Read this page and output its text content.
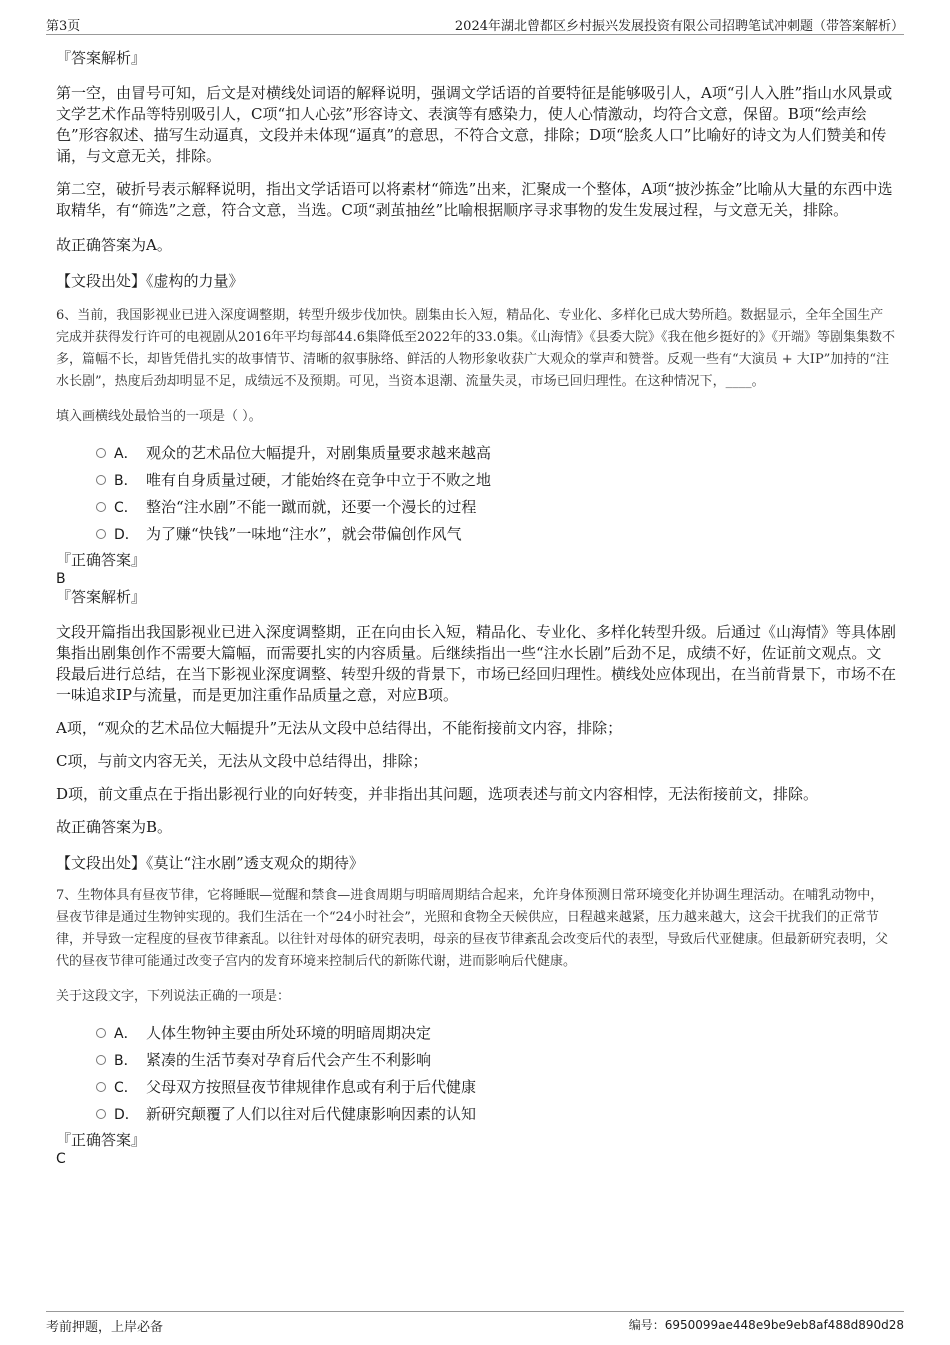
第3页	2024年湖北曾都区乡村振兴发展投资有限公司招聘笔试冲刺题（带答案解析）

『答案解析』

第一空，由冒号可知，后文是对横线处词语的解释说明，强调文学话语的首要特征是能够吸引人，A项“引人入胜”指山水风景或文学艺术作品等特别吸引人，C项“扣人心弦”形容诗文、表演等有感染力，使人心情激动，均符合文意，保留。B项“绘声绘色”形容叙述、描写生动逼真，文段并未体现“逼真”的意思，不符合文意，排除；D项“脍炙人口”比喻好的诗文为人们赞美和传诵，与文意无关，排除。

第二空，破折号表示解释说明，指出文学话语可以将素材“筛选”出来，汇聚成一个整体，A项“披沙拣金”比喻从大量的东西中选取精华，有“筛选”之意，符合文意，当选。C项“剥茧抽丝”比喻根据顺序寻求事物的发生发展过程，与文意无关，排除。

故正确答案为A。

【文段出处】《虚构的力量》

6、当前，我国影视业已进入深度调整期，转型升级步伐加快。剧集由长入短，精品化、专业化、多样化已成大势所趋。数据显示，全年全国生产完成并获得发行许可的电视剧从2016年平均每部44.6集降低至2022年的33.0集。《山海情》《县委大院》《我在他乡挺好的》《开端》等剧集集数不多，篇幅不长，却皆凭借扎实的故事情节、清晰的叙事脉络、鲜活的人物形象收获广大观众的掌声和赞誉。反观一些有“大演员 + 大IP”加持的“注水长剧”，热度后劲却明显不足，成绩远不及预期。可见，当资本退潮、流量失灵，市场已回归理性。在这种情况下，____。

填入画横线处最恰当的一项是（ ）。

A． 观众的艺术品位大幅提升，对剧集质量要求越来越高
B． 唯有自身质量过硬，才能始终在竞争中立于不败之地
C． 整治“注水剧”不能一蹴而就，还要一个漫长的过程
D． 为了赚“快钱”一味地“注水”，就会带偏创作风气

『正确答案』

B

『答案解析』

文段开篇指出我国影视业已进入深度调整期，正在向由长入短，精品化、专业化、多样化转型升级。后通过《山海情》等具体剧集指出剧集创作不需要大篇幅，而需要扎实的内容质量。后继续指出一些“注水长剧”后劲不足，成绩不好，佐证前文观点。文段最后进行总结，在当下影视业深度调整、转型升级的背景下，市场已经回归理性。横线处应体现出，在当前背景下，市场不在一味追求IP与流量，而是更加注重作品质量之意，对应B项。

A项，“观众的艺术品位大幅提升”无法从文段中总结得出，不能衔接前文内容，排除；

C项，与前文内容无关，无法从文段中总结得出，排除；

D项，前文重点在于指出影视行业的向好转变，并非指出其问题，选项表述与前文内容相悖，无法衔接前文，排除。

故正确答案为B。

【文段出处】《莫让“注水剧”透支观众的期待》

7、生物体具有昼夜节律，它将睡眠—觉醒和禁食—进食周期与明暗周期结合起来，允许身体预测日常环境变化并协调生理活动。在哺乳动物中，昼夜节律是通过生物钟实现的。我们生活在一个“24小时社会”，光照和食物全天候供应，日程越来越紧，压力越来越大，这会干扰我们的正常节律，并导致一定程度的昼夜节律紊乱。以往针对母体的研究表明，母亲的昼夜节律紊乱会改变后代的表型，导致后代亚健康。但最新研究表明，父代的昼夜节律可能通过改变子宫内的发育环境来控制后代的新陈代谢，进而影响后代健康。

关于这段文字，下列说法正确的一项是：

A． 人体生物钟主要由所处环境的明暗周期决定
B． 紧凑的生活节奏对孕育后代会产生不利影响
C． 父母双方按照昼夜节律规律作息或有利于后代健康
D． 新研究颠覆了人们以往对后代健康影响因素的认知

『正确答案』

C

考前押题，上岸必备	编号：6950099ae448e9be9eb8af488d890d28
